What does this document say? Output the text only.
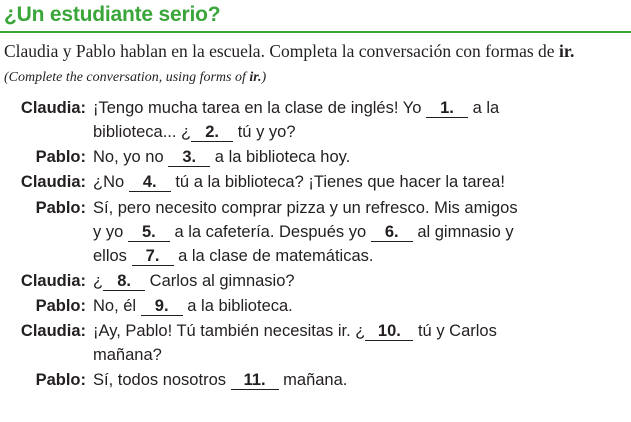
¿Un estudiante serio?

Claudia y Pablo hablan en la escuela. Completa la conversación con formas de ir. (Complete the conversation, using forms of ir.)

Claudia: ¡Tengo mucha tarea en la clase de inglés! Yo 1. a la
biblioteca... ¿ 2. tú y yo?
Pablo: No, yo no 3. a la biblioteca hoy.
Claudia: ¿No 4. tú a la biblioteca? ¡Tienes que hacer la tarea!
Pablo: Sí, pero necesito comprar pizza y un refresco. Mis amigos
y yo 5. a la cafetería. Después yo 6. al gimnasio y
ellos 7. a la clase de matemáticas.
Claudia: ¿ 8. Carlos al gimnasio?
Pablo: No, él 9. a la biblioteca.
Claudia: ¡Ay, Pablo! Tú también necesitas ir. ¿ 10. tú y Carlos
mañana?
Pablo: Sí, todos nosotros 11. mañana.
